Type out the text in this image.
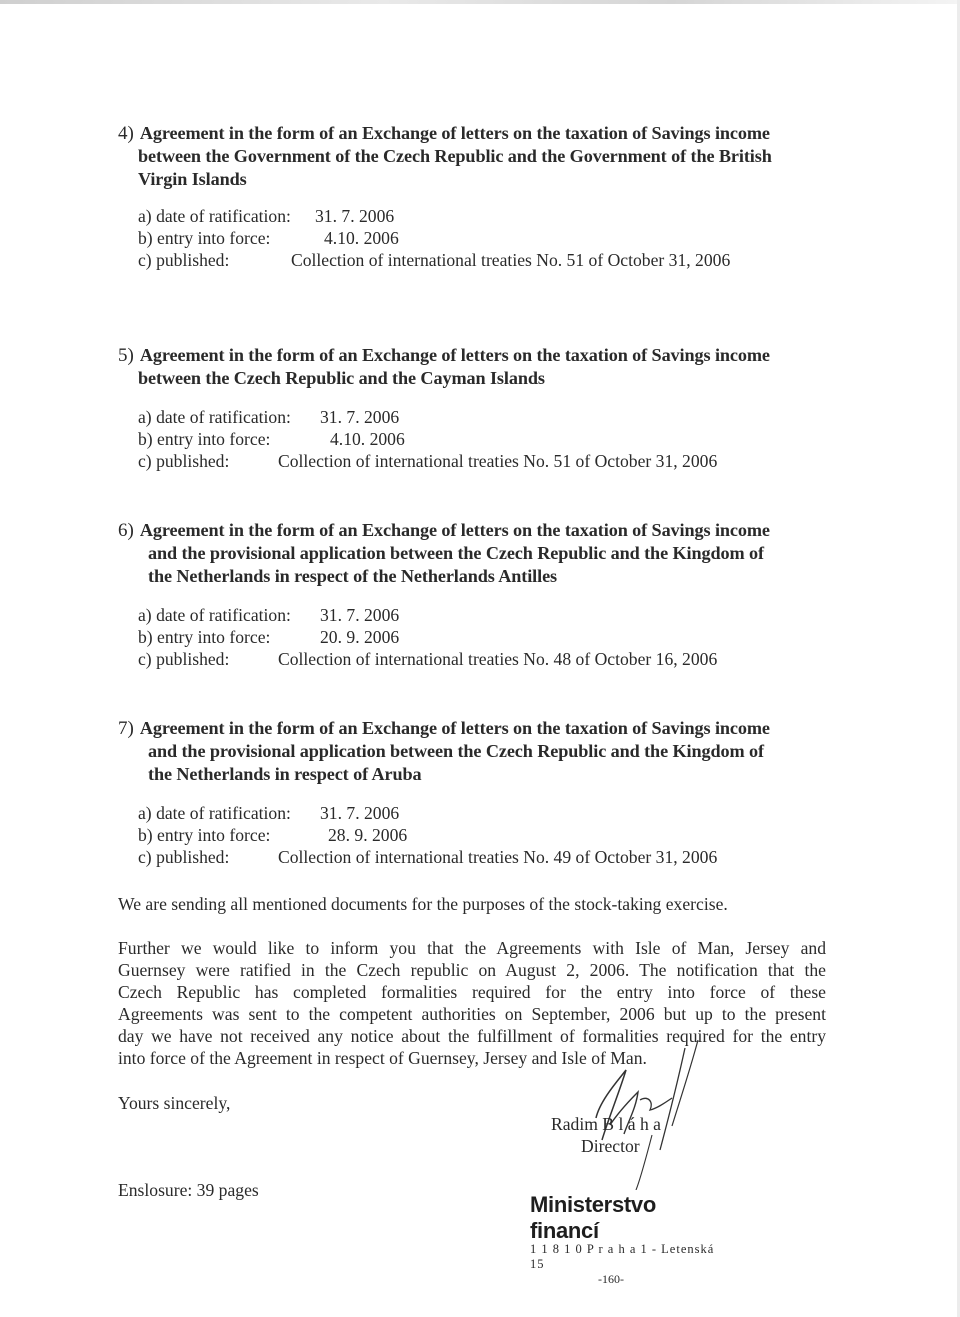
4) Agreement in the form of an Exchange of letters on the taxation of Savings income
between the Government of the Czech Republic and the Government of the British
Virgin Islands
a) date of ratification: 31. 7. 2006
b) entry into force:	4.10. 2006
c) published:	Collection of international treaties No. 51 of October 31, 2006
5) Agreement in the form of an Exchange of letters on the taxation of Savings income
between the Czech Republic and the Cayman Islands
a) date of ratification: 31. 7. 2006
b) entry into force:	4.10. 2006
c) published:	Collection of international treaties No. 51 of October 31, 2006
6) Agreement in the form of an Exchange of letters on the taxation of Savings income
and the provisional application between the Czech Republic and the Kingdom of
the Netherlands in respect of the Netherlands Antilles
a) date of ratification: 31. 7. 2006
b) entry into force:	20. 9. 2006
c) published:	Collection of international treaties No. 48 of October 16, 2006
7) Agreement in the form of an Exchange of letters on the taxation of Savings income
and the provisional application between the Czech Republic and the Kingdom of
the Netherlands in respect of Aruba
a) date of ratification: 31. 7. 2006
b) entry into force:	28. 9. 2006
c) published:	Collection of international treaties No. 49 of October 31, 2006
We are sending all mentioned documents for the purposes of the stock-taking exercise.
Further we would like to inform you that the Agreements with Isle of Man, Jersey and
Guernsey were ratified in the Czech republic on August 2, 2006. The notification that the
Czech Republic has completed formalities required for the entry into force of these
Agreements was sent to the competent authorities on September, 2006 but up to the present
day we have not received any notice about the fulfillment of formalities required for the entry
into force of the Agreement in respect of Guernsey, Jersey and Isle of Man.
Yours sincerely,
Radim B l á h a
Director
Enslosure: 39 pages
Ministerstvo financí
1 1 8 1 0 P r a h a 1 - Letenská 15
-160-
